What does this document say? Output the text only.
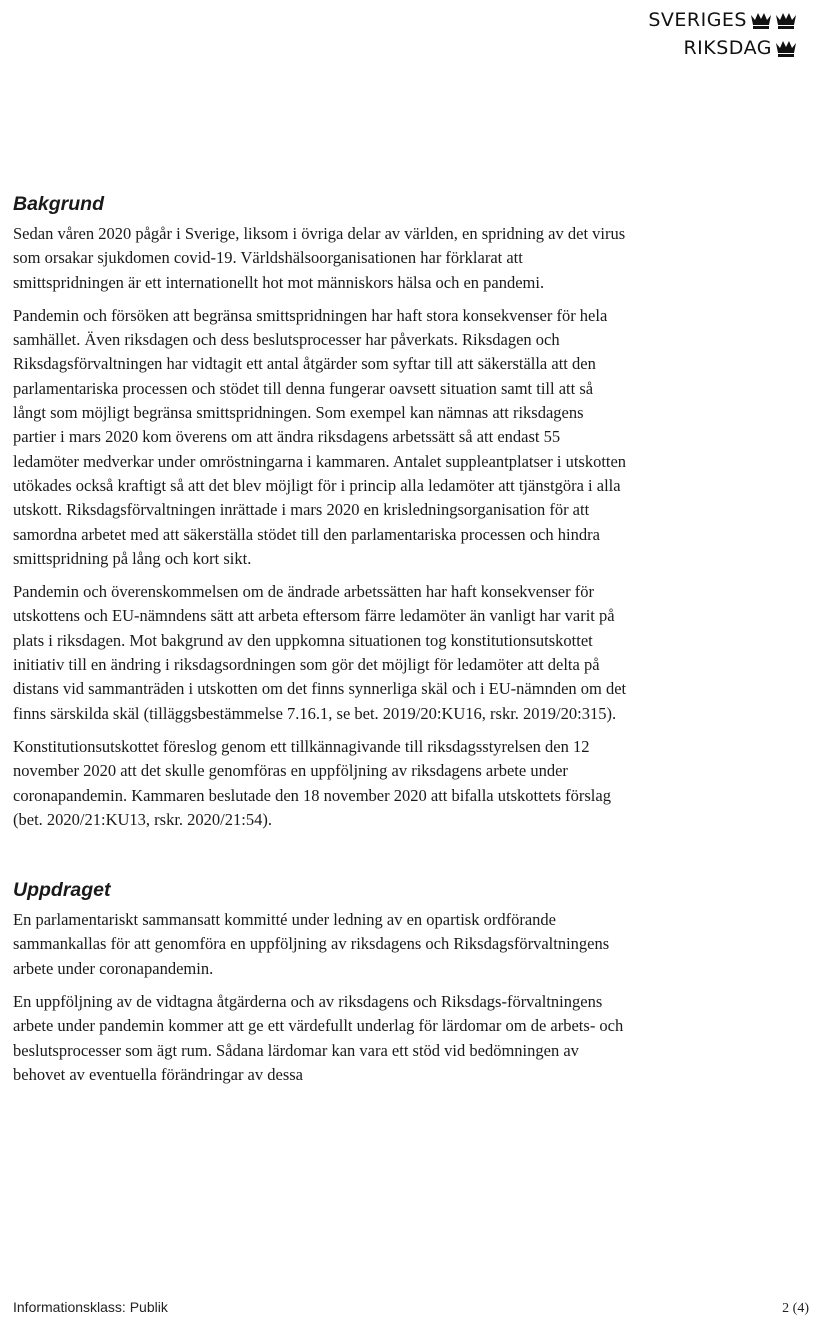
SVERIGES
RIKSDAG
Bakgrund

Sedan våren 2020 pågår i Sverige, liksom i övriga delar av världen, en spridning av det virus som orsakar sjukdomen covid-19. Världshälsoorganisationen har förklarat att smittspridningen är ett internationellt hot mot människors hälsa och en pandemi.

Pandemin och försöken att begränsa smittspridningen har haft stora konsekvenser för hela samhället. Även riksdagen och dess beslutsprocesser har påverkats. Riksdagen och Riksdagsförvaltningen har vidtagit ett antal åtgärder som syftar till att säkerställa att den parlamentariska processen och stödet till denna fungerar oavsett situation samt till att så långt som möjligt begränsa smittspridningen. Som exempel kan nämnas att riksdagens partier i mars 2020 kom överens om att ändra riksdagens arbetssätt så att endast 55 ledamöter medverkar under omröstningarna i kammaren. Antalet suppleantplatser i utskotten utökades också kraftigt så att det blev möjligt för i princip alla ledamöter att tjänstgöra i alla utskott. Riksdagsförvaltningen inrättade i mars 2020 en krisledningsorganisation för att samordna arbetet med att säkerställa stödet till den parlamentariska processen och hindra smittspridning på lång och kort sikt.

Pandemin och överenskommelsen om de ändrade arbetssätten har haft konsekvenser för utskottens och EU-nämndens sätt att arbeta eftersom färre ledamöter än vanligt har varit på plats i riksdagen. Mot bakgrund av den uppkomna situationen tog konstitutionsutskottet initiativ till en ändring i riksdagsordningen som gör det möjligt för ledamöter att delta på distans vid sammanträden i utskotten om det finns synnerliga skäl och i EU-nämnden om det finns särskilda skäl (tilläggsbestämmelse 7.16.1, se bet. 2019/20:KU16, rskr. 2019/20:315).

Konstitutionsutskottet föreslog genom ett tillkännagivande till riksdagsstyrelsen den 12 november 2020 att det skulle genomföras en uppföljning av riksdagens arbete under coronapandemin. Kammaren beslutade den 18 november 2020 att bifalla utskottets förslag (bet. 2020/21:KU13, rskr. 2020/21:54).

Uppdraget

En parlamentariskt sammansatt kommitté under ledning av en opartisk ordförande sammankallas för att genomföra en uppföljning av riksdagens och Riksdagsförvaltningens arbete under coronapandemin.

En uppföljning av de vidtagna åtgärderna och av riksdagens och Riksdags-förvaltningens arbete under pandemin kommer att ge ett värdefullt underlag för lärdomar om de arbets- och beslutsprocesser som ägt rum. Sådana lärdomar kan vara ett stöd vid bedömningen av behovet av eventuella förändringar av dessa

Informationsklass: Publik	2 (4)
